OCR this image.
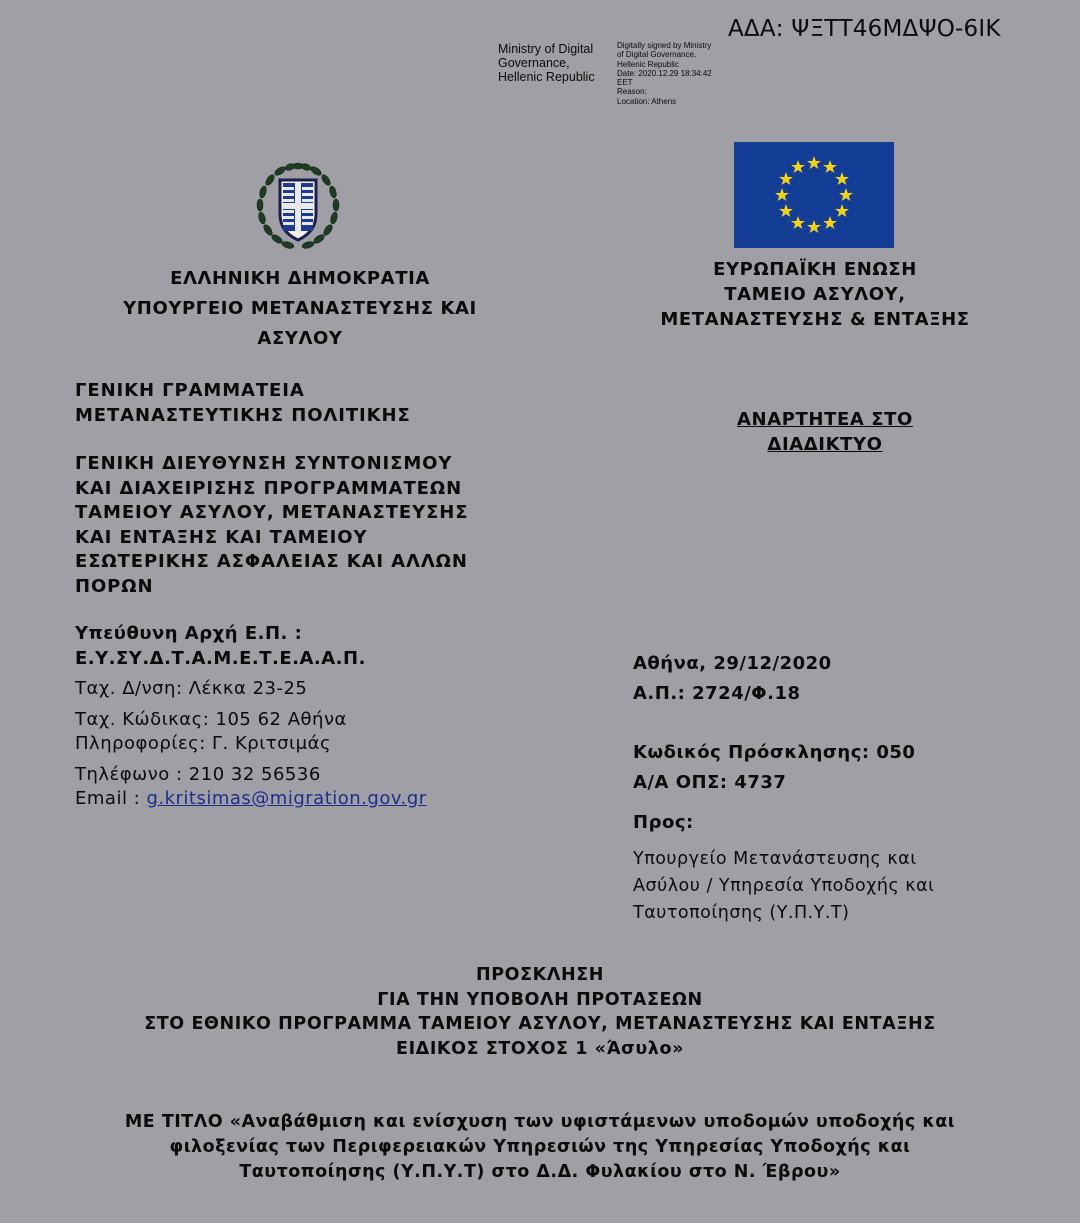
ΑΔΑ: ΨΞΤΤ46ΜΔΨΟ-6ΙΚ
Ministry of Digital
Governance,
Hellenic Republic
Digitally signed by Ministry
of Digital Governance,
Hellenic Republic
Date: 2020.12.29 18:34:42
EET
Reason:
Location: Athens
ΕΛΛΗΝΙΚΗ ΔΗΜΟΚΡΑΤΙΑ
ΥΠΟΥΡΓΕΙΟ ΜΕΤΑΝΑΣΤΕΥΣΗΣ ΚΑΙ
ΑΣΥΛΟΥ
ΕΥΡΩΠΑΪΚΗ ΕΝΩΣΗ
ΤΑΜΕΙΟ ΑΣΥΛΟΥ,
ΜΕΤΑΝΑΣΤΕΥΣΗΣ & ΕΝΤΑΞΗΣ
ΓΕΝΙΚΗ ΓΡΑΜΜΑΤΕΙΑ
ΜΕΤΑΝΑΣΤΕΥΤΙΚΗΣ ΠΟΛΙΤΙΚΗΣ
ΓΕΝΙΚΗ ΔΙΕΥΘΥΝΣΗ ΣΥΝΤΟΝΙΣΜΟΥ
ΚΑΙ ΔΙΑΧΕΙΡΙΣΗΣ ΠΡΟΓΡΑΜΜΑΤΕΩΝ
ΤΑΜΕΙΟΥ ΑΣΥΛΟΥ, ΜΕΤΑΝΑΣΤΕΥΣΗΣ
ΚΑΙ ΕΝΤΑΞΗΣ ΚΑΙ ΤΑΜΕΙΟΥ
ΕΣΩΤΕΡΙΚΗΣ ΑΣΦΑΛΕΙΑΣ ΚΑΙ ΑΛΛΩΝ
ΠΟΡΩΝ
ΑΝΑΡΤΗΤΕΑ ΣΤΟ
ΔΙΑΔΙΚΤΥΟ
Υπεύθυνη Αρχή Ε.Π. :
Ε.Υ.ΣΥ.Δ.Τ.Α.Μ.Ε.Τ.Ε.Α.Α.Π.
Ταχ. Δ/νση: Λέκκα 23-25
Ταχ. Κώδικας: 105 62 Αθήνα
Πληροφορίες: Γ. Κριτσιμάς
Τηλέφωνο : 210 32 56536
Email : g.kritsimas@migration.gov.gr
Αθήνα, 29/12/2020
Α.Π.: 2724/Φ.18
Κωδικός Πρόσκλησης: 050
Α/Α ΟΠΣ: 4737
Προς:
Υπουργείο Μετανάστευσης και
Ασύλου / Υπηρεσία Υποδοχής και
Ταυτοποίησης (Υ.Π.Υ.Τ)
ΠΡΟΣΚΛΗΣΗ
ΓΙΑ ΤΗΝ ΥΠΟΒΟΛΗ ΠΡΟΤΑΣΕΩΝ
ΣΤΟ ΕΘΝΙΚΟ ΠΡΟΓΡΑΜΜΑ ΤΑΜΕΙΟΥ ΑΣΥΛΟΥ, ΜΕΤΑΝΑΣΤΕΥΣΗΣ ΚΑΙ ΕΝΤΑΞΗΣ
ΕΙΔΙΚΟΣ ΣΤΟΧΟΣ 1 «Άσυλο»
ΜΕ ΤΙΤΛΟ «Αναβάθμιση και ενίσχυση των υφιστάμενων υποδομών υποδοχής και
φιλοξενίας των Περιφερειακών Υπηρεσιών της Υπηρεσίας Υποδοχής και
Ταυτοποίησης (Υ.Π.Υ.Τ) στο Δ.Δ. Φυλακίου στο Ν. Έβρου»
